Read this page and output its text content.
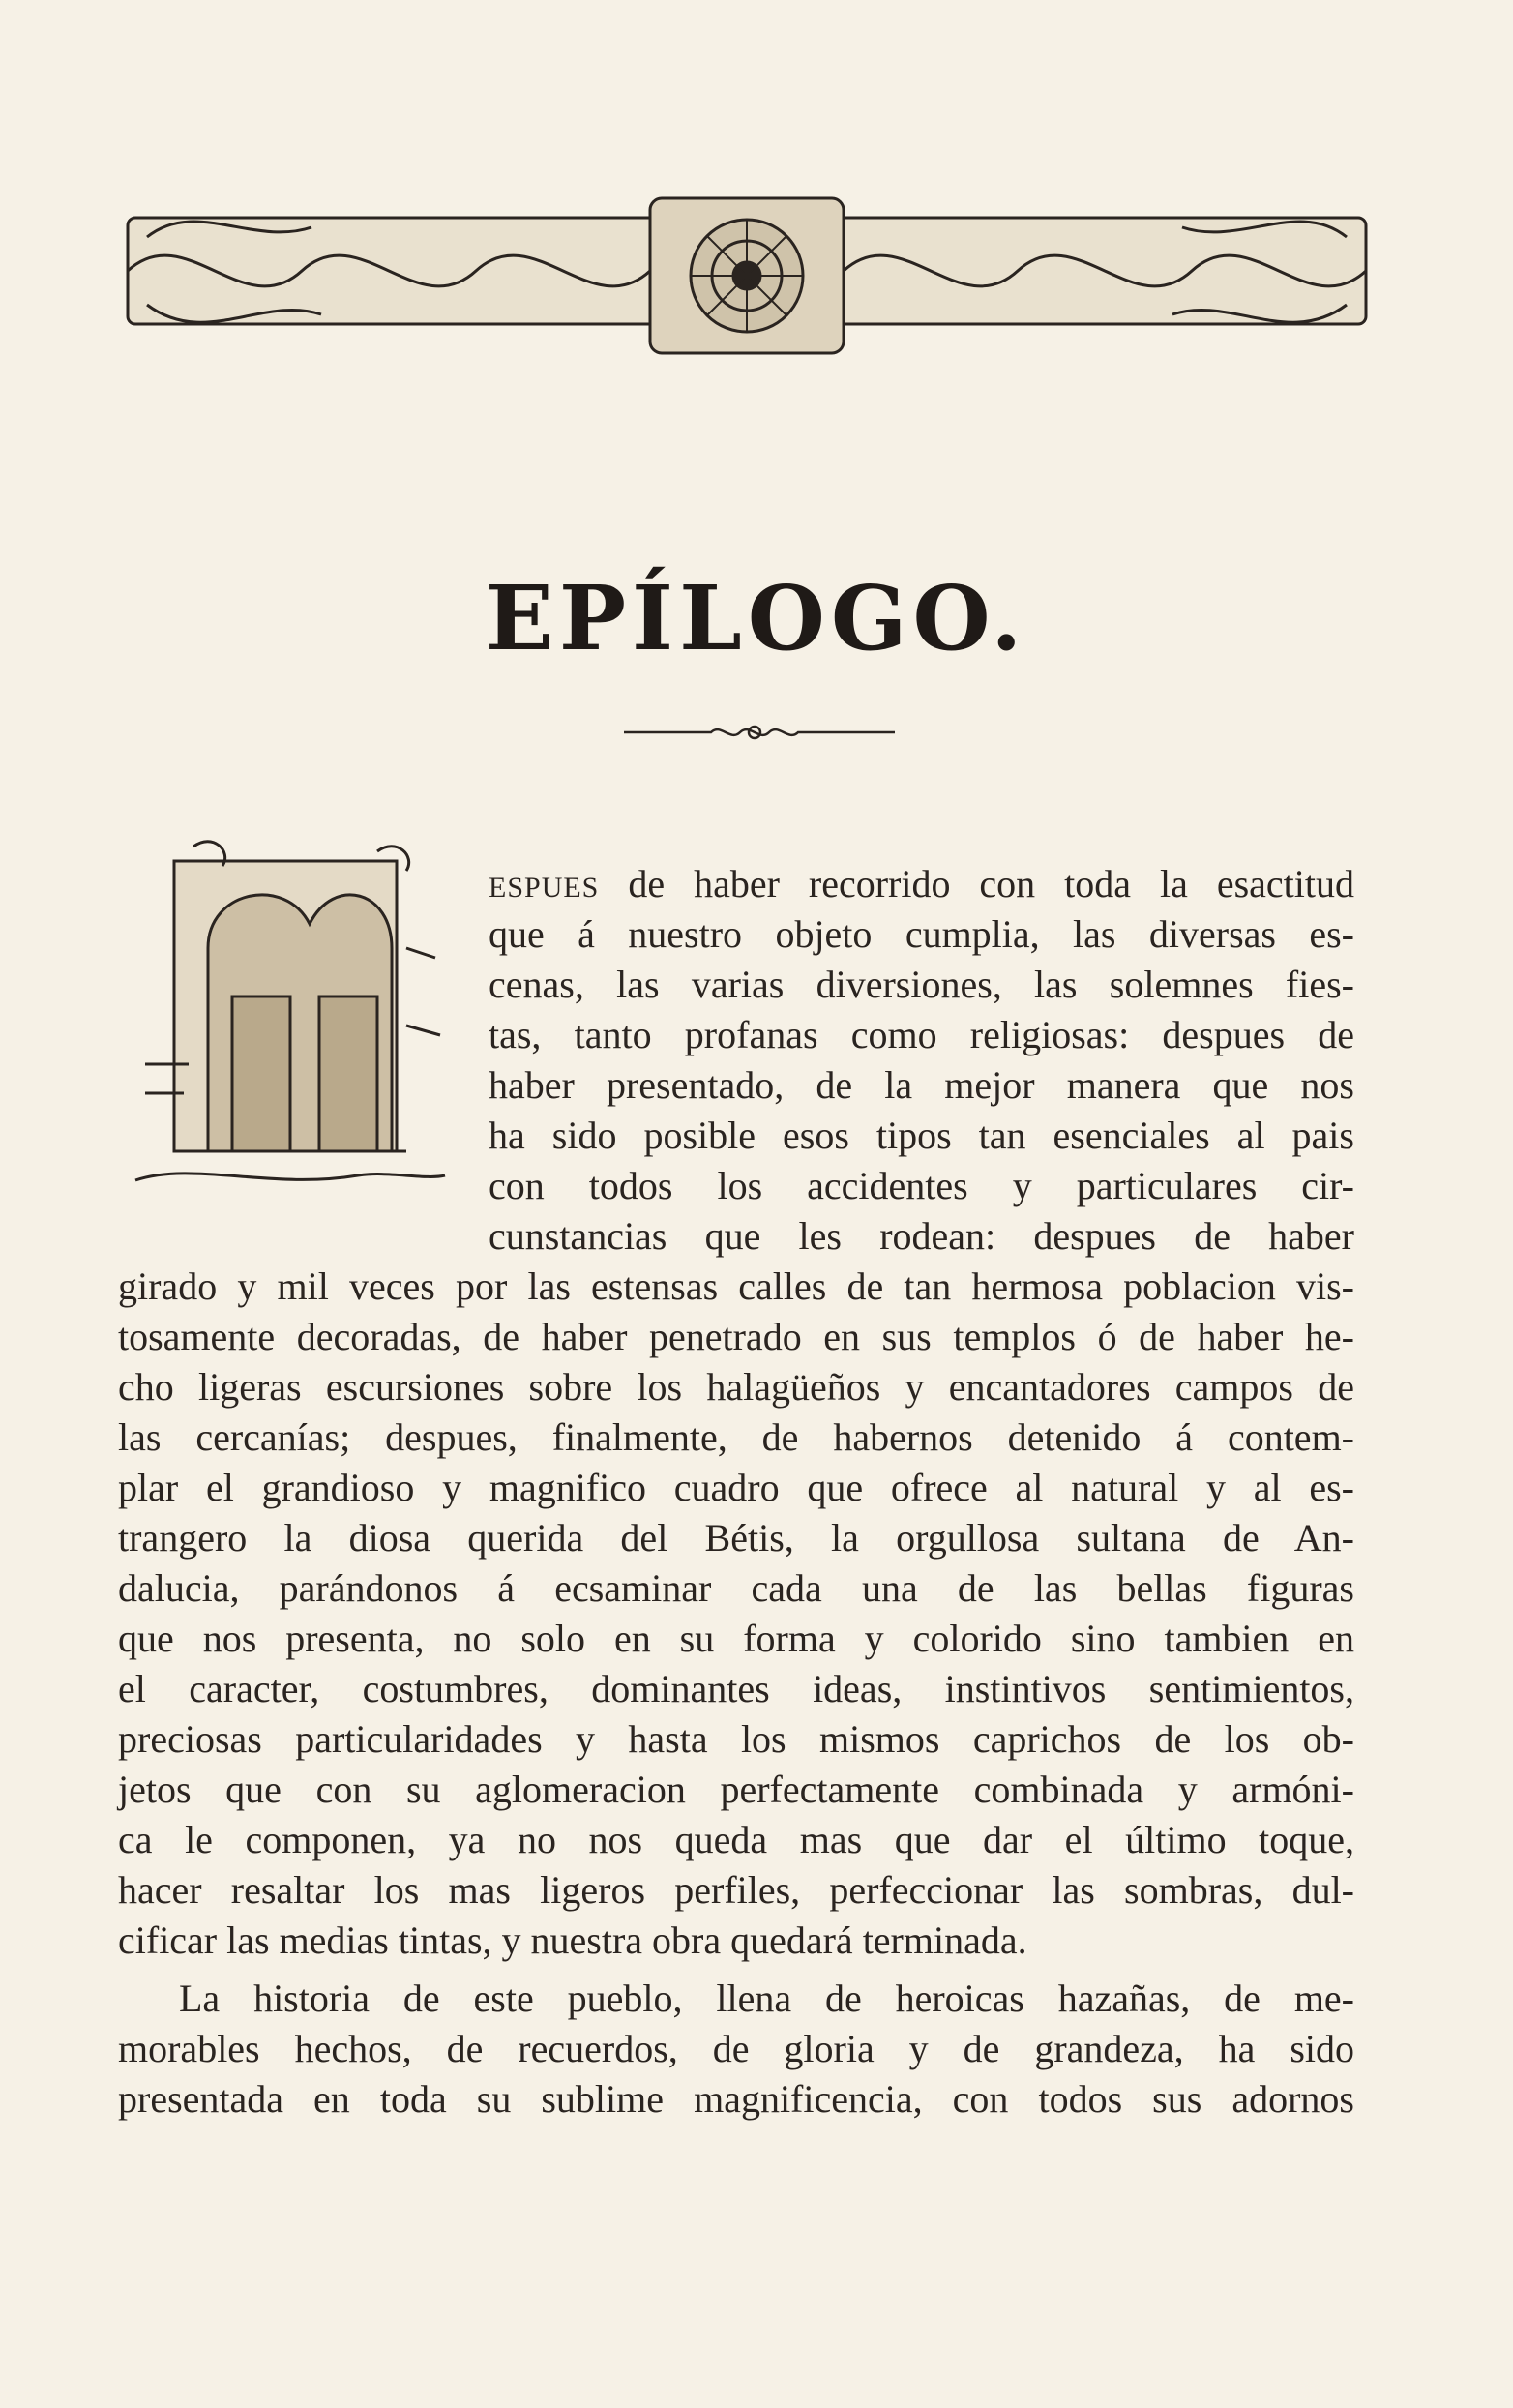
EPÍLOGO.
ESPUES de haber recorrido con toda la esactitud
que á nuestro objeto cumplia, las diversas es-
cenas, las varias diversiones, las solemnes fies-
tas, tanto profanas como religiosas: despues de
haber presentado, de la mejor manera que nos
ha sido posible esos tipos tan esenciales al pais
con todos los accidentes y particulares cir-
cunstancias que les rodean: despues de haber
girado y mil veces por las estensas calles de tan hermosa poblacion vis-
tosamente decoradas, de haber penetrado en sus templos ó de haber he-
cho ligeras escursiones sobre los halagüeños y encantadores campos de
las cercanías; despues, finalmente, de habernos detenido á contem-
plar el grandioso y magnifico cuadro que ofrece al natural y al es-
trangero la diosa querida del Bétis, la orgullosa sultana de An-
dalucia, parándonos á ecsaminar cada una de las bellas figuras
que nos presenta, no solo en su forma y colorido sino tambien en
el caracter, costumbres, dominantes ideas, instintivos sentimientos,
preciosas particularidades y hasta los mismos caprichos de los ob-
jetos que con su aglomeracion perfectamente combinada y armóni-
ca le componen, ya no nos queda mas que dar el último toque,
hacer resaltar los mas ligeros perfiles, perfeccionar las sombras, dul-
cificar las medias tintas, y nuestra obra quedará terminada.
La historia de este pueblo, llena de heroicas hazañas, de me-
morables hechos, de recuerdos, de gloria y de grandeza, ha sido
presentada en toda su sublime magnificencia, con todos sus adornos
